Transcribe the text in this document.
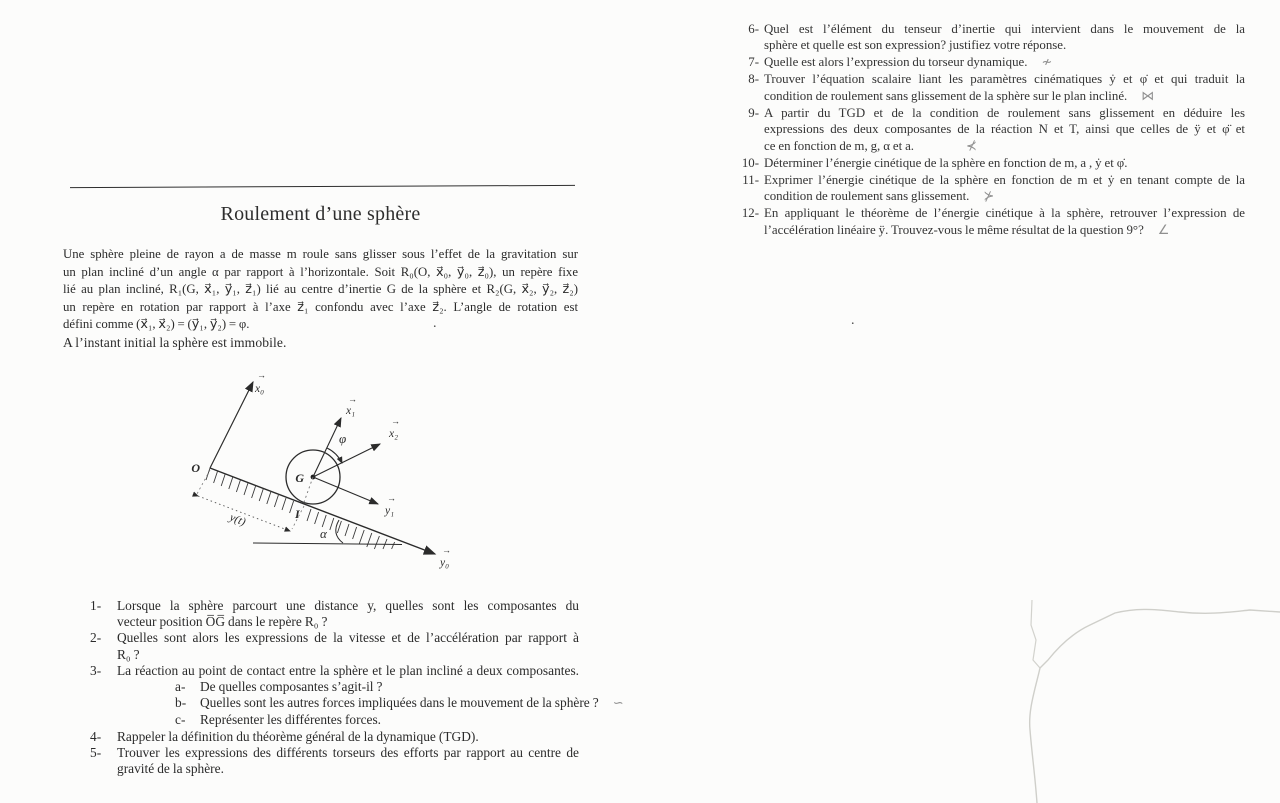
Roulement d’une sphère
Une sphère pleine de rayon a de masse m roule sans glisser sous l’effet de la gravitation sur
un plan incliné d’un angle α par rapport à l’horizontale. Soit R₀(O, x⃗₀, y⃗₀, z⃗₀), un repère fixe
lié au plan incliné, R₁(G, x⃗₁, y⃗₁, z⃗₁) lié au centre d’inertie G de la sphère et R₂(G, x⃗₂, y⃗₂, z⃗₂)
un repère en rotation par rapport à l’axe z⃗₁ confondu avec l’axe z⃗₂. L’angle de rotation est
défini comme (x⃗₁, x⃗₂) = (y⃗₁, y⃗₂) = φ.
A l’instant initial la sphère est immobile.
O
→
x₀
→
x₁
→
x₂
→
y₁
→
y₀
G
I
φ
α
y(t)
1-	Lorsque la sphère parcourt une distance y, quelles sont les composantes du
vecteur position O̅G̅ dans le repère R₀ ?
2-	Quelles sont alors les expressions de la vitesse et de l’accélération par rapport à
R₀ ?
3-	La réaction au point de contact entre la sphère et le plan incliné a deux composantes.
a-	De quelles composantes s’agit-il ?
b-	Quelles sont les autres forces impliquées dans le mouvement de la sphère ? ∽
c-	Représenter les différentes forces.
4-	Rappeler la définition du théorème général de la dynamique (TGD).
5-	Trouver les expressions des différents torseurs des efforts par rapport au centre de
gravité de la sphère.
6- Quel est l’élément du tenseur d’inertie qui intervient dans le mouvement de la
sphère et quelle est son expression? justifiez votre réponse.
7- Quelle est alors l’expression du torseur dynamique. ≁
8- Trouver l’équation scalaire liant les paramètres cinématiques ẏ et φ̇ et qui traduit la
condition de roulement sans glissement de la sphère sur le plan incliné. ⋈
9- A partir du TGD et de la condition de roulement sans glissement en déduire les
expressions des deux composantes de la réaction N et T, ainsi que celles de ÿ et φ̈ et
ce en fonction de m, g, α et a.	⊀
10- Déterminer l’énergie cinétique de la sphère en fonction de m, a , ẏ et φ̇.
11- Exprimer l’énergie cinétique de la sphère en fonction de m et ẏ en tenant compte de la
condition de roulement sans glissement. ⊁
12- En appliquant le théorème de l’énergie cinétique à la sphère, retrouver l’expression de
l’accélération linéaire ÿ. Trouvez-vous le même résultat de la question 9°? ∠
.	.
